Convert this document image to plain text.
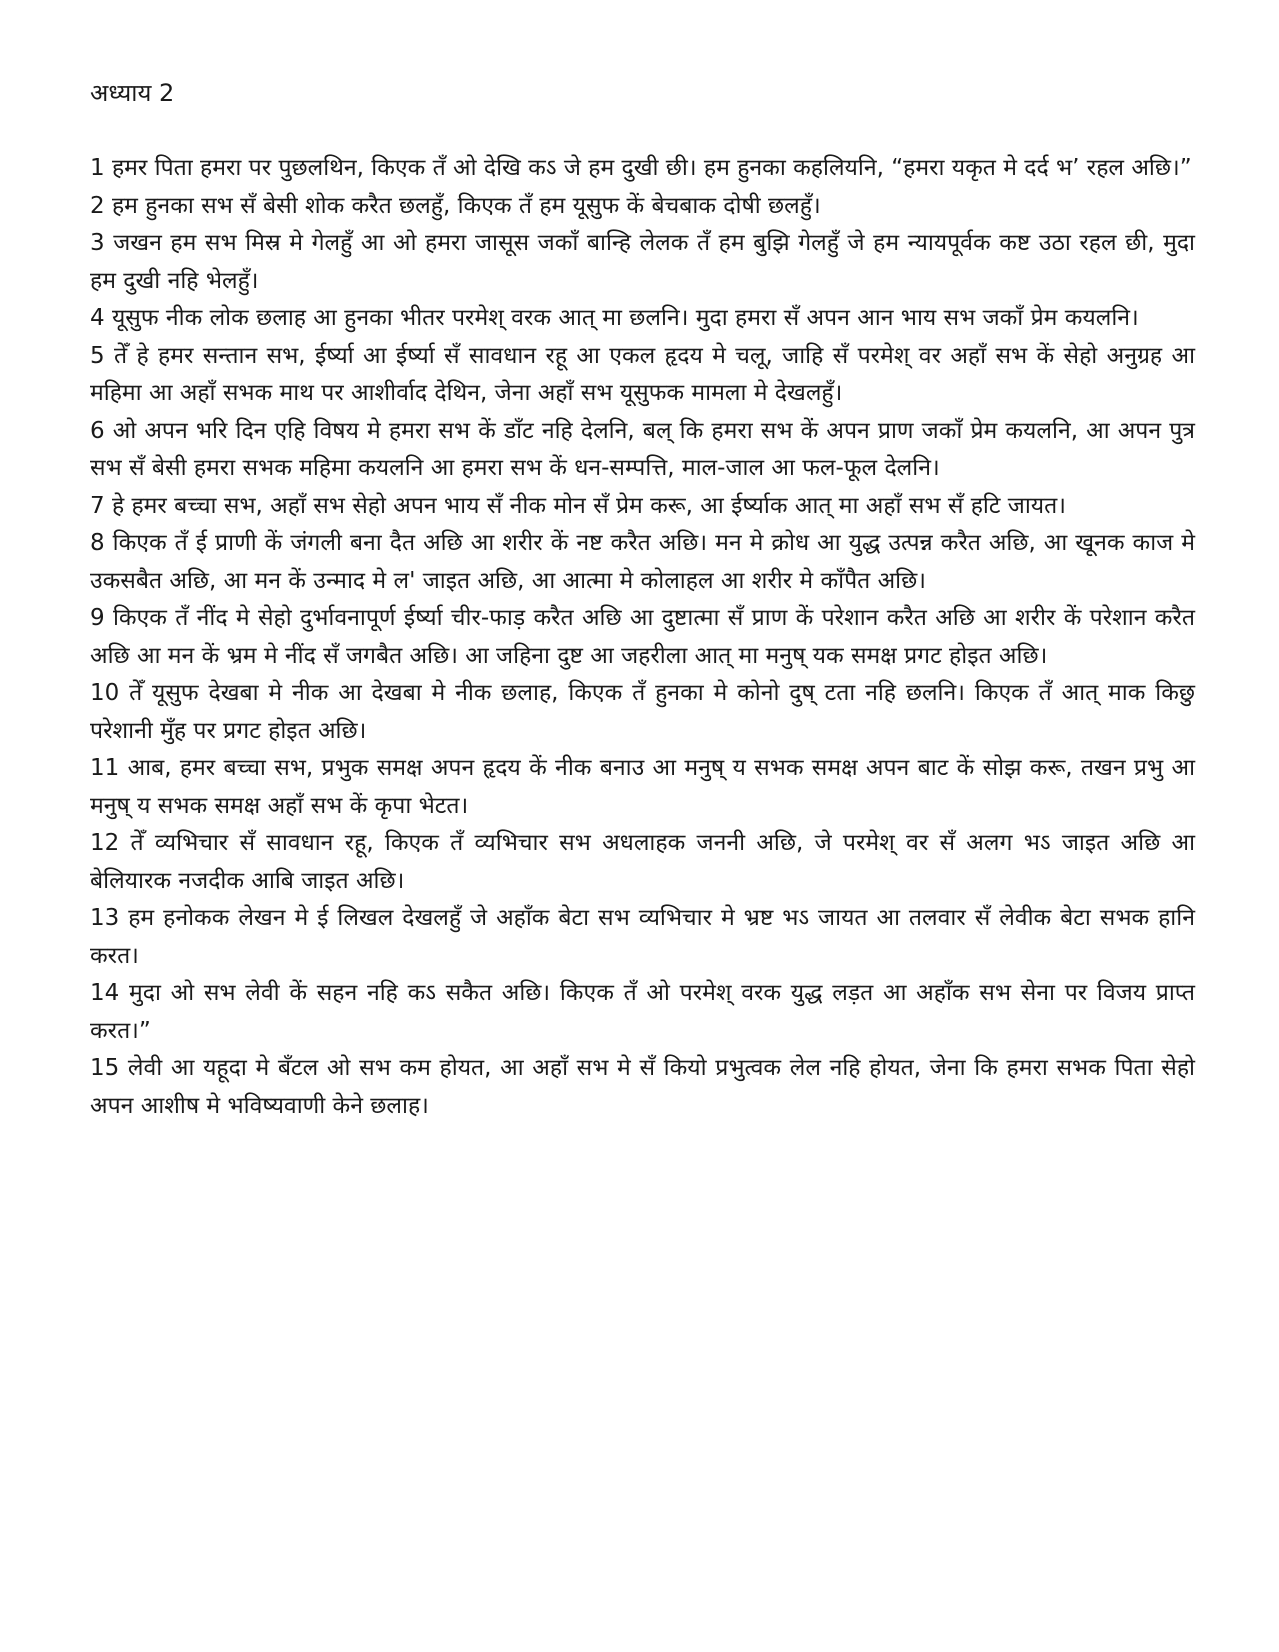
अध्याय 2

1 हमर पिता हमरा पर पुछलथिन, किएक तँ ओ देखि कऽ जे हम दुखी छी। हम हुनका कहलियनि, “हमरा यकृत मे दर्द भ’ रहल अछि।”

2 हम हुनका सभ सँ बेसी शोक करैत छलहुँ, किएक तँ हम यूसुफ कें बेचबाक दोषी छलहुँ।

3 जखन हम सभ मिस्र मे गेलहुँ आ ओ हमरा जासूस जकाँ बान्हि लेलक तँ हम बुझि गेलहुँ जे हम न्यायपूर्वक कष्ट उठा रहल छी, मुदा हम दुखी नहि भेलहुँ।

4 यूसुफ नीक लोक छलाह आ हुनका भीतर परमेश् वरक आत् मा छलनि। मुदा हमरा सँ अपन आन भाय सभ जकाँ प्रेम कयलनि।

5 तेँ हे हमर सन्तान सभ, ईर्ष्या आ ईर्ष्या सँ सावधान रहू आ एकल हृदय मे चलू, जाहि सँ परमेश् वर अहाँ सभ कें सेहो अनुग्रह आ महिमा आ अहाँ सभक माथ पर आशीर्वाद देथिन, जेना अहाँ सभ यूसुफक मामला मे देखलहुँ।

6 ओ अपन भरि दिन एहि विषय मे हमरा सभ कें डाँट नहि देलनि, बल् कि हमरा सभ कें अपन प्राण जकाँ प्रेम कयलनि, आ अपन पुत्र सभ सँ बेसी हमरा सभक महिमा कयलनि आ हमरा सभ कें धन-सम्पत्ति, माल-जाल आ फल-फूल देलनि।

7 हे हमर बच्चा सभ, अहाँ सभ सेहो अपन भाय सँ नीक मोन सँ प्रेम करू, आ ईर्ष्याक आत् मा अहाँ सभ सँ हटि जायत।

8 किएक तँ ई प्राणी कें जंगली बना दैत अछि आ शरीर कें नष्ट करैत अछि। मन मे क्रोध आ युद्ध उत्पन्न करैत अछि, आ खूनक काज मे उकसबैत अछि, आ मन कें उन्माद मे ल' जाइत अछि, आ आत्मा मे कोलाहल आ शरीर मे काँपैत अछि।

9 किएक तँ नींद मे सेहो दुर्भावनापूर्ण ईर्ष्या चीर-फाड़ करैत अछि आ दुष्टात्मा सँ प्राण कें परेशान करैत अछि आ शरीर कें परेशान करैत अछि आ मन कें भ्रम मे नींद सँ जगबैत अछि। आ जहिना दुष्ट आ जहरीला आत् मा मनुष् यक समक्ष प्रगट होइत अछि।

10 तेँ यूसुफ देखबा मे नीक आ देखबा मे नीक छलाह, किएक तँ हुनका मे कोनो दुष् टता नहि छलनि। किएक तँ आत् माक किछु परेशानी मुँह पर प्रगट होइत अछि।

11 आब, हमर बच्चा सभ, प्रभुक समक्ष अपन हृदय कें नीक बनाउ आ मनुष् य सभक समक्ष अपन बाट कें सोझ करू, तखन प्रभु आ मनुष् य सभक समक्ष अहाँ सभ कें कृपा भेटत।

12 तेँ व्यभिचार सँ सावधान रहू, किएक तँ व्यभिचार सभ अधलाहक जननी अछि, जे परमेश् वर सँ अलग भऽ जाइत अछि आ बेलियारक नजदीक आबि जाइत अछि।

13 हम हनोकक लेखन मे ई लिखल देखलहुँ जे अहाँक बेटा सभ व्यभिचार मे भ्रष्ट भऽ जायत आ तलवार सँ लेवीक बेटा सभक हानि करत।

14 मुदा ओ सभ लेवी कें सहन नहि कऽ सकैत अछि। किएक तँ ओ परमेश् वरक युद्ध लड़त आ अहाँक सभ सेना पर विजय प्राप्त करत।”

15 लेवी आ यहूदा मे बँटल ओ सभ कम होयत, आ अहाँ सभ मे सँ कियो प्रभुत्वक लेल नहि होयत, जेना कि हमरा सभक पिता सेहो अपन आशीष मे भविष्यवाणी केने छलाह।
